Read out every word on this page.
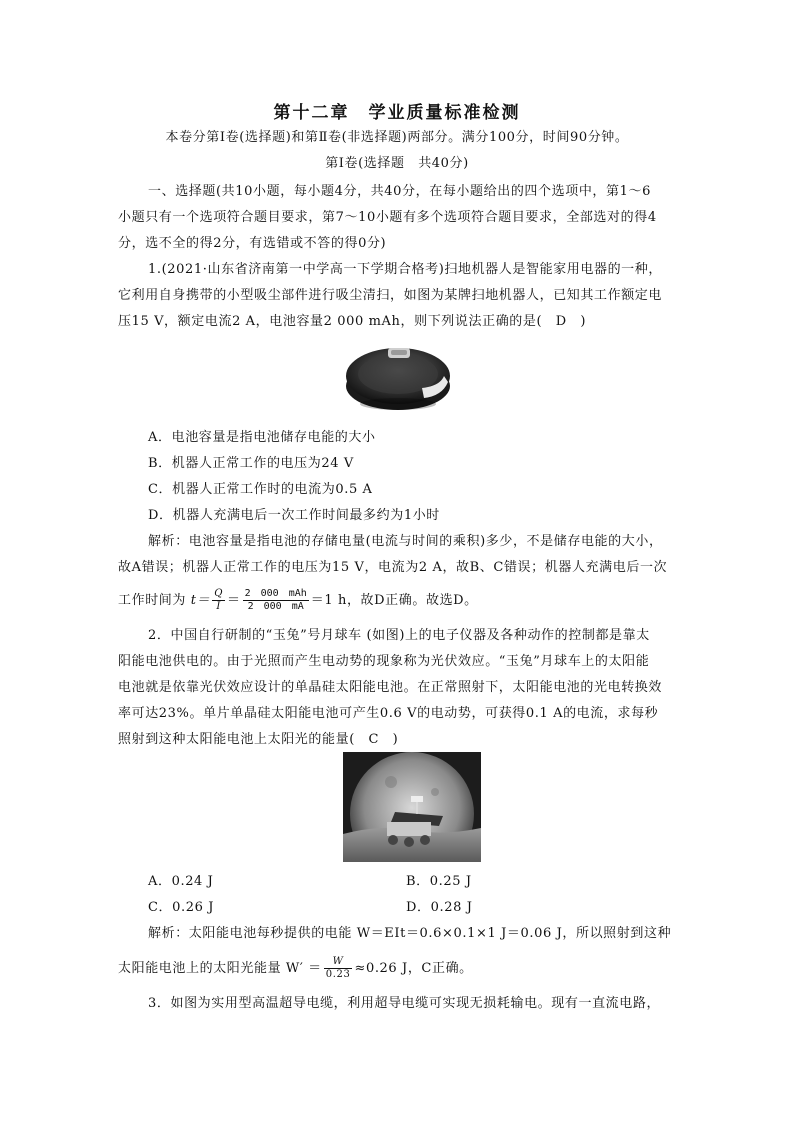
第十二章　学业质量标准检测
本卷分第Ⅰ卷(选择题)和第Ⅱ卷(非选择题)两部分。满分100分，时间90分钟。
第Ⅰ卷(选择题　共40分)
一、选择题(共10小题，每小题4分，共40分，在每小题给出的四个选项中，第1～6
小题只有一个选项符合题目要求，第7～10小题有多个选项符合题目要求，全部选对的得4
分，选不全的得2分，有选错或不答的得0分)
1.(2021·山东省济南第一中学高一下学期合格考)扫地机器人是智能家用电器的一种，
它利用自身携带的小型吸尘部件进行吸尘清扫，如图为某牌扫地机器人，已知其工作额定电
压15 V，额定电流2 A，电池容量2 000 mAh，则下列说法正确的是(　D　)
A．电池容量是指电池储存电能的大小
B．机器人正常工作的电压为24 V
C．机器人正常工作时的电流为0.5 A
D．机器人充满电后一次工作时间最多约为1小时
解析：电池容量是指电池的存储电量(电流与时间的乘积)多少，不是储存电能的大小，
故A错误；机器人正常工作的电压为15 V，电流为2 A，故B、C错误；机器人充满电后一次
工作时间为 $t= \frac{Q}{I} = \frac{\text{2　000　mAh}}{2 000 mA} =1$ h，故D正确。故选D。
2．中国自行研制的“玉兔”号月球车 (如图)上的电子仪器及各种动作的控制都是靠太
阳能电池供电的。由于光照而产生电动势的现象称为光伏效应。“玉兔”月球车上的太阳能
电池就是依靠光伏效应设计的单晶硅太阳能电池。在正常照射下，太阳能电池的光电转换效
率可达23%。单片单晶硅太阳能电池可产生0.6 V的电动势，可获得0.1 A的电流，求每秒
照射到这种太阳能电池上太阳光的能量(　C　)
A．0.24 J	B．0.25 J
C．0.26 J	D．0.28 J
解析：太阳能电池每秒提供的电能 W＝EIt＝0.6×0.1×1 J＝0.06 J，所以照射到这种
太阳能电池上的太阳光能量 $W' = \frac{W}{0.23} \approx 0.26$ J，C正确。
3．如图为实用型高温超导电缆，利用超导电缆可实现无损耗输电。现有一直流电路，
